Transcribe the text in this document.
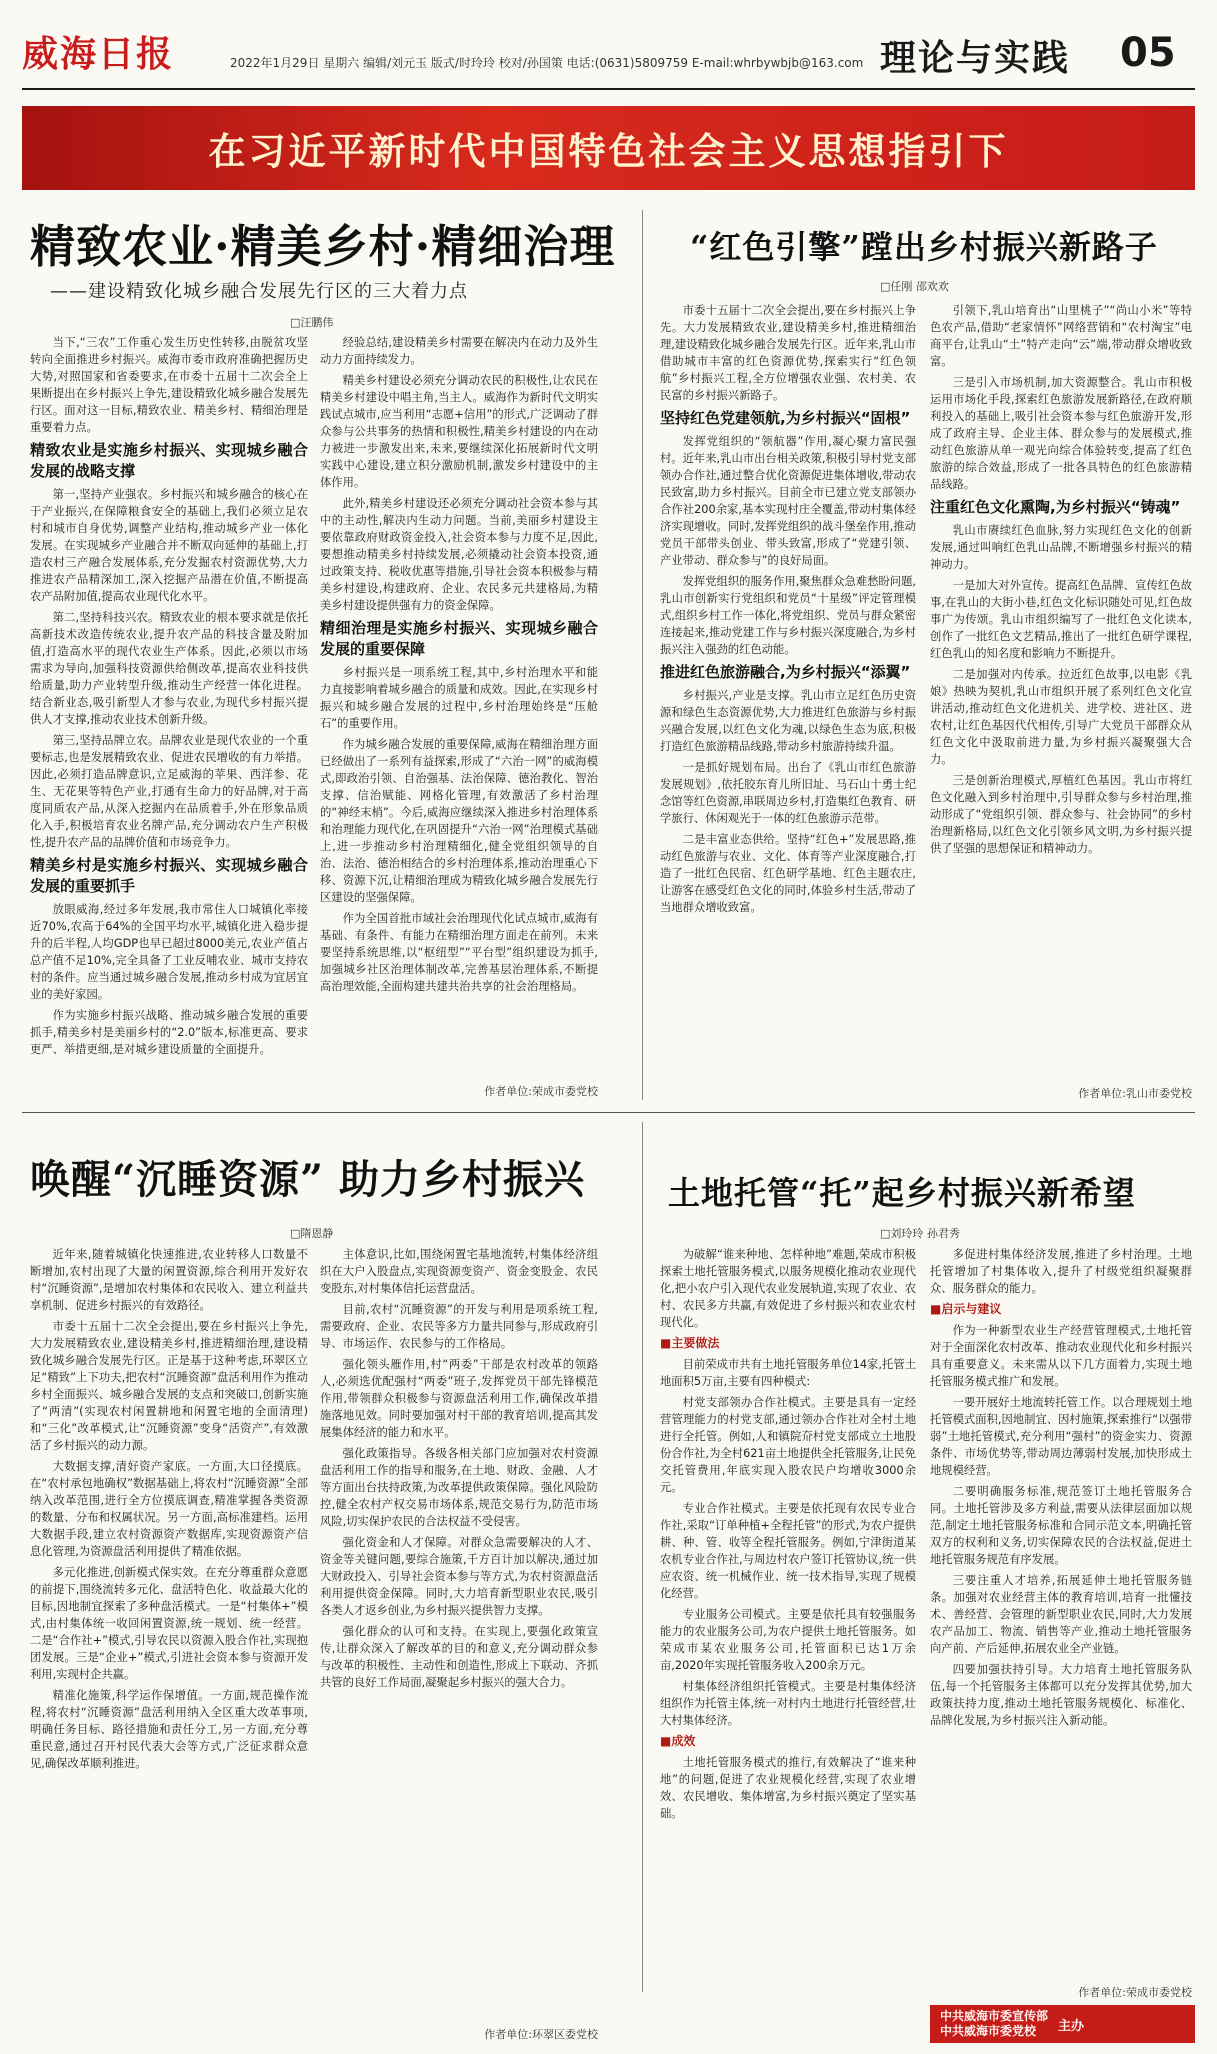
威海日报	2022年1月29日 星期六 编辑/刘元玉 版式/时玲玲 校对/孙国策 电话:(0631)5809759 E-mail:whrbywbjb@163.com 理论与实践 05
在习近平新时代中国特色社会主义思想指引下
精致农业·精美乡村·精细治理
——建设精致化城乡融合发展先行区的三大着力点
□汪鹏伟

当下,“三农”工作重心发生历史性转移,由脱贫攻坚转向全面推进乡村振兴。威海市委市政府准确把握历史大势,对照国家和省委要求,在市委十五届十二次会全上果断提出在乡村振兴上争先,建设精致化城乡融合发展先行区。面对这一目标,精致农业、精美乡村、精细治理是重要着力点。

精致农业是实施乡村振兴、实现城乡融合发展的战略支撑

第一,坚持产业强农。乡村振兴和城乡融合的核心在于产业振兴,在保障粮食安全的基础上,我们必须立足农村和城市自身优势,调整产业结构,推动城乡产业一体化发展。在实现城乡产业融合并不断双向延伸的基础上,打造农村三产融合发展体系,充分发掘农村资源优势,大力推进农产品精深加工,深入挖掘产品潜在价值,不断提高农产品附加值,提高农业现代化水平。

第二,坚持科技兴农。精致农业的根本要求就是依托高新技术改造传统农业,提升农产品的科技含量及附加值,打造高水平的现代农业生产体系。因此,必须以市场需求为导向,加强科技资源供给侧改革,提高农业科技供给质量,助力产业转型升级,推动生产经营一体化进程。结合新业态,吸引新型人才参与农业,为现代乡村振兴提供人才支撑,推动农业技术创新升级。

第三,坚持品牌立农。品牌农业是现代农业的一个重要标志,也是发展精致农业、促进农民增收的有力举措。因此,必须打造品牌意识,立足威海的苹果、西洋参、花生、无花果等特色产业,打通有生命力的好品牌,对于高度同质农产品,从深入挖掘内在品质着手,外在形象品质化入手,积极培育农业名牌产品,充分调动农户生产积极性,提升农产品的品牌价值和市场竞争力。

精美乡村是实施乡村振兴、实现城乡融合发展的重要抓手

放眼威海,经过多年发展,我市常住人口城镇化率接近70%,农高于64%的全国平均水平,城镇化进入稳步提升的后半程,人均GDP也早已超过8000美元,农业产值占总产值不足10%,完全具备了工业反哺农业、城市支持农村的条件。应当通过城乡融合发展,推动乡村成为宜居宜业的美好家园。

作为实施乡村振兴战略、推动城乡融合发展的重要抓手,精美乡村是美丽乡村的“2.0”版本,标准更高、要求更严、举措更细,是对城乡建设质量的全面提升。

经验总结,建设精美乡村需要在解决内在动力及外生动力方面持续发力。

精美乡村建设必须充分调动农民的积极性,让农民在精美乡村建设中唱主角,当主人。威海作为新时代文明实践试点城市,应当利用“志愿+信用”的形式,广泛调动了群众参与公共事务的热情和积极性,精美乡村建设的内在动力被进一步激发出来,未来,要继续深化拓展新时代文明实践中心建设,建立积分激励机制,激发乡村建设中的主体作用。

此外,精美乡村建设还必须充分调动社会资本参与其中的主动性,解决内生动力问题。当前,美丽乡村建设主要依靠政府财政资金投入,社会资本参与力度不足,因此,要想推动精美乡村持续发展,必须撬动社会资本投资,通过政策支持、税收优惠等措施,引导社会资本积极参与精美乡村建设,构建政府、企业、农民多元共建格局,为精美乡村建设提供强有力的资金保障。

精细治理是实施乡村振兴、实现城乡融合发展的重要保障

乡村振兴是一项系统工程,其中,乡村治理水平和能力直接影响着城乡融合的质量和成效。因此,在实现乡村振兴和城乡融合发展的过程中,乡村治理始终是“压舱石”的重要作用。

作为城乡融合发展的重要保障,威海在精细治理方面已经做出了一系列有益探索,形成了“六治一网”的威海模式,即政治引领、自治强基、法治保障、德治教化、智治支撑、信治赋能、网格化管理,有效激活了乡村治理的“神经末梢”。今后,威海应继续深入推进乡村治理体系和治理能力现代化,在巩固提升“六治一网”治理模式基础上,进一步推动乡村治理精细化,健全党组织领导的自治、法治、德治相结合的乡村治理体系,推动治理重心下移、资源下沉,让精细治理成为精致化城乡融合发展先行区建设的坚强保障。

作为全国首批市域社会治理现代化试点城市,威海有基础、有条件、有能力在精细治理方面走在前列。未来要坚持系统思维,以“枢纽型”“平台型”组织建设为抓手,加强城乡社区治理体制改革,完善基层治理体系,不断提高治理效能,全面构建共建共治共享的社会治理格局。

作者单位:荣成市委党校
“红色引擎”蹚出乡村振兴新路子
□任刚 邵欢欢

市委十五届十二次全会提出,要在乡村振兴上争先。大力发展精致农业,建设精美乡村,推进精细治理,建设精致化城乡融合发展先行区。近年来,乳山市借助城市丰富的红色资源优势,探索实行“红色领航”乡村振兴工程,全方位增强农业强、农村美、农民富的乡村振兴新路子。

坚持红色党建领航,为乡村振兴“固根”

发挥党组织的“领航器”作用,凝心聚力富民强村。近年来,乳山市出台相关政策,积极引导村党支部领办合作社,通过整合优化资源促进集体增收,带动农民致富,助力乡村振兴。目前全市已建立党支部领办合作社200余家,基本实现村庄全覆盖,带动村集体经济实现增收。同时,发挥党组织的战斗堡垒作用,推动党员干部带头创业、带头致富,形成了“党建引领、产业带动、群众参与”的良好局面。

发挥党组织的服务作用,聚焦群众急难愁盼问题,乳山市创新实行党组织和党员“十星级”评定管理模式,组织乡村工作一体化,将党组织、党员与群众紧密连接起来,推动党建工作与乡村振兴深度融合,为乡村振兴注入强劲的红色动能。

推进红色旅游融合,为乡村振兴“添翼”

乡村振兴,产业是支撑。乳山市立足红色历史资源和绿色生态资源优势,大力推进红色旅游与乡村振兴融合发展,以红色文化为魂,以绿色生态为底,积极打造红色旅游精品线路,带动乡村旅游持续升温。

一是抓好规划布局。出台了《乳山市红色旅游发展规划》,依托胶东育儿所旧址、马石山十勇士纪念馆等红色资源,串联周边乡村,打造集红色教育、研学旅行、休闲观光于一体的红色旅游示范带。

二是丰富业态供给。坚持“红色+”发展思路,推动红色旅游与农业、文化、体育等产业深度融合,打造了一批红色民宿、红色研学基地、红色主题农庄,让游客在感受红色文化的同时,体验乡村生活,带动了当地群众增收致富。

引领下,乳山培育出“山里桃子”“尚山小米”等特色农产品,借助“老家情怀”网络营销和“农村淘宝”电商平台,让乳山“土”特产走向“云”端,带动群众增收致富。

三是引入市场机制,加大资源整合。乳山市积极运用市场化手段,探索红色旅游发展新路径,在政府顺利投入的基础上,吸引社会资本参与红色旅游开发,形成了政府主导、企业主体、群众参与的发展模式,推动红色旅游从单一观光向综合体验转变,提高了红色旅游的综合效益,形成了一批各具特色的红色旅游精品线路。

注重红色文化熏陶,为乡村振兴“铸魂”

乳山市赓续红色血脉,努力实现红色文化的创新发展,通过叫响红色乳山品牌,不断增强乡村振兴的精神动力。

一是加大对外宣传。提高红色品牌、宣传红色故事,在乳山的大街小巷,红色文化标识随处可见,红色故事广为传颂。乳山市组织编写了一批红色文化读本,创作了一批红色文艺精品,推出了一批红色研学课程,红色乳山的知名度和影响力不断提升。

二是加强对内传承。拉近红色故事,以电影《乳娘》热映为契机,乳山市组织开展了系列红色文化宣讲活动,推动红色文化进机关、进学校、进社区、进农村,让红色基因代代相传,引导广大党员干部群众从红色文化中汲取前进力量,为乡村振兴凝聚强大合力。

三是创新治理模式,厚植红色基因。乳山市将红色文化融入到乡村治理中,引导群众参与乡村治理,推动形成了“党组织引领、群众参与、社会协同”的乡村治理新格局,以红色文化引领乡风文明,为乡村振兴提供了坚强的思想保证和精神动力。

作者单位:乳山市委党校
唤醒“沉睡资源” 助力乡村振兴
□隋恩静

近年来,随着城镇化快速推进,农业转移人口数量不断增加,农村出现了大量的闲置资源,综合利用开发好农村“沉睡资源”,是增加农村集体和农民收入、建立利益共享机制、促进乡村振兴的有效路径。

市委十五届十二次全会提出,要在乡村振兴上争先,大力发展精致农业,建设精美乡村,推进精细治理,建设精致化城乡融合发展先行区。正是基于这种考虑,环翠区立足“精致”上下功夫,把农村“沉睡资源”盘活利用作为推动乡村全面振兴、城乡融合发展的支点和突破口,创新实施了“两清”(实现农村闲置耕地和闲置宅地的全面清理)和“三化”改革模式,让“沉睡资源”变身“活资产”,有效激活了乡村振兴的动力源。

大数据支撑,清好资产家底。一方面,大口径摸底。在“农村承包地确权”数据基础上,将农村“沉睡资源”全部纳入改革范围,进行全方位摸底调查,精准掌握各类资源的数量、分布和权属状况。另一方面,高标准建档。运用大数据手段,建立农村资源资产数据库,实现资源资产信息化管理,为资源盘活利用提供了精准依据。

多元化推进,创新模式保实效。在充分尊重群众意愿的前提下,围绕流转多元化、盘活特色化、收益最大化的目标,因地制宜探索了多种盘活模式。一是“村集体+”模式,由村集体统一收回闲置资源,统一规划、统一经营。二是“合作社+”模式,引导农民以资源入股合作社,实现抱团发展。三是“企业+”模式,引进社会资本参与资源开发利用,实现村企共赢。

精准化施策,科学运作保增值。一方面,规范操作流程,将农村“沉睡资源”盘活利用纳入全区重大改革事项,明确任务目标、路径措施和责任分工,另一方面,充分尊重民意,通过召开村民代表大会等方式,广泛征求群众意见,确保改革顺利推进。

主体意识,比如,围绕闲置宅基地流转,村集体经济组织在大户入股盘点,实现资源变资产、资金变股金、农民变股东,对村集体信托运营盘活。

目前,农村“沉睡资源”的开发与利用是项系统工程,需要政府、企业、农民等多方力量共同参与,形成政府引导、市场运作、农民参与的工作格局。

强化领头雁作用,村“两委”干部是农村改革的领路人,必须选优配强村“两委”班子,发挥党员干部先锋模范作用,带领群众积极参与资源盘活利用工作,确保改革措施落地见效。同时要加强对村干部的教育培训,提高其发展集体经济的能力和水平。

强化政策指导。各级各相关部门应加强对农村资源盘活利用工作的指导和服务,在土地、财政、金融、人才等方面出台扶持政策,为改革提供政策保障。强化风险防控,健全农村产权交易市场体系,规范交易行为,防范市场风险,切实保护农民的合法权益不受侵害。

强化资金和人才保障。对群众急需要解决的人才、资金等关键问题,要综合施策,千方百计加以解决,通过加大财政投入、引导社会资本参与等方式,为农村资源盘活利用提供资金保障。同时,大力培育新型职业农民,吸引各类人才返乡创业,为乡村振兴提供智力支撑。

强化群众的认可和支持。在实现上,要强化政策宣传,让群众深入了解改革的目的和意义,充分调动群众参与改革的积极性、主动性和创造性,形成上下联动、齐抓共管的良好工作局面,凝聚起乡村振兴的强大合力。

作者单位:环翠区委党校
土地托管“托”起乡村振兴新希望
□刘玲玲 孙君秀

为破解“谁来种地、怎样种地”难题,荣成市积极探索土地托管服务模式,以服务规模化推动农业现代化,把小农户引入现代农业发展轨道,实现了农业、农村、农民多方共赢,有效促进了乡村振兴和农业农村现代化。

■主要做法

目前荣成市共有土地托管服务单位14家,托管土地面积5万亩,主要有四种模式:

村党支部领办合作社模式。主要是具有一定经营管理能力的村党支部,通过领办合作社对全村土地进行全托管。例如,人和镇院夼村党支部成立土地股份合作社,为全村621亩土地提供全托管服务,让民免交托管费用,年底实现入股农民户均增收3000余元。

专业合作社模式。主要是依托现有农民专业合作社,采取“订单种植+全程托管”的形式,为农户提供耕、种、管、收等全程托管服务。例如,宁津街道某农机专业合作社,与周边村农户签订托管协议,统一供应农资、统一机械作业、统一技术指导,实现了规模化经营。

专业服务公司模式。主要是依托具有较强服务能力的农业服务公司,为农户提供土地托管服务。如荣成市某农业服务公司,托管面积已达1万余亩,2020年实现托管服务收入200余万元。

村集体经济组织托管模式。主要是村集体经济组织作为托管主体,统一对村内土地进行托管经营,壮大村集体经济。

■成效

土地托管服务模式的推行,有效解决了“谁来种地”的问题,促进了农业规模化经营,实现了农业增效、农民增收、集体增富,为乡村振兴奠定了坚实基础。

多促进村集体经济发展,推进了乡村治理。土地托管增加了村集体收入,提升了村级党组织凝聚群众、服务群众的能力。

■启示与建议

作为一种新型农业生产经营管理模式,土地托管对于全面深化农村改革、推动农业现代化和乡村振兴具有重要意义。未来需从以下几方面着力,实现土地托管服务模式推广和发展。

一要开展好土地流转托管工作。以合理规划土地托管模式面积,因地制宜、因村施策,探索推行“以强带弱”土地托管模式,充分利用“强村”的资金实力、资源条件、市场优势等,带动周边薄弱村发展,加快形成土地规模经营。

二要明确服务标准,规范签订土地托管服务合同。土地托管涉及多方利益,需要从法律层面加以规范,制定土地托管服务标准和合同示范文本,明确托管双方的权利和义务,切实保障农民的合法权益,促进土地托管服务规范有序发展。

三要注重人才培养,拓展延伸土地托管服务链条。加强对农业经营主体的教育培训,培育一批懂技术、善经营、会管理的新型职业农民,同时,大力发展农产品加工、物流、销售等产业,推动土地托管服务向产前、产后延伸,拓展农业全产业链。

四要加强扶持引导。大力培育土地托管服务队伍,每一个托管服务主体都可以充分发挥其优势,加大政策扶持力度,推动土地托管服务规模化、标准化、品牌化发展,为乡村振兴注入新动能。

作者单位:荣成市委党校
中共威海市委宣传部
中共威海市委党校	主办
